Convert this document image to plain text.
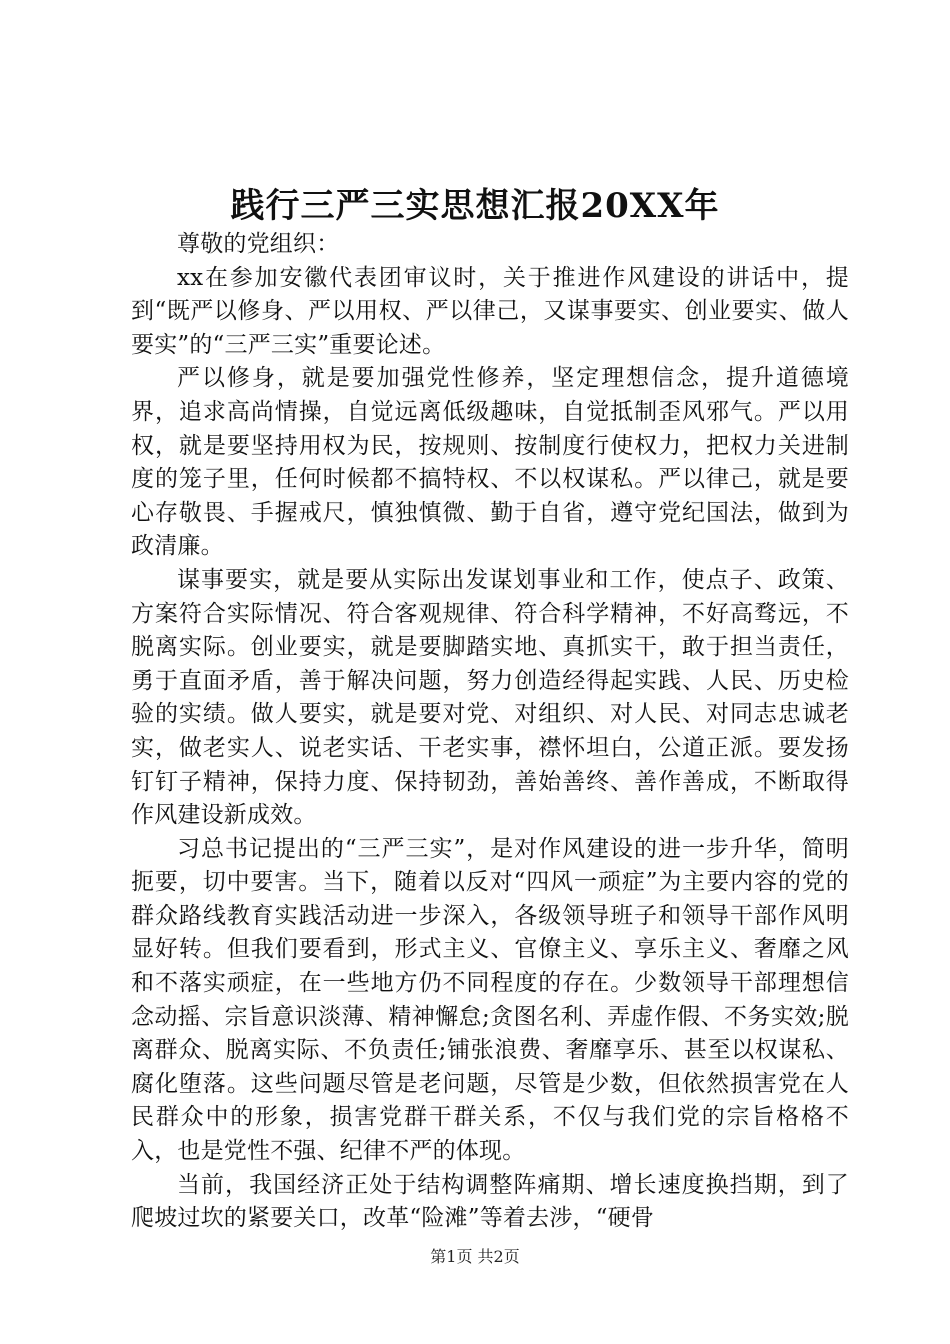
践行三严三实思想汇报20XX年

尊敬的党组织：

xx在参加安徽代表团审议时，关于推进作风建设的讲话中，提到“既严以修身、严以用权、严以律己，又谋事要实、创业要实、做人要实”的“三严三实”重要论述。

严以修身，就是要加强党性修养，坚定理想信念，提升道德境界，追求高尚情操，自觉远离低级趣味，自觉抵制歪风邪气。严以用权，就是要坚持用权为民，按规则、按制度行使权力，把权力关进制度的笼子里，任何时候都不搞特权、不以权谋私。严以律己，就是要心存敬畏、手握戒尺，慎独慎微、勤于自省，遵守党纪国法，做到为政清廉。

谋事要实，就是要从实际出发谋划事业和工作，使点子、政策、方案符合实际情况、符合客观规律、符合科学精神，不好高骛远，不脱离实际。创业要实，就是要脚踏实地、真抓实干，敢于担当责任，勇于直面矛盾，善于解决问题，努力创造经得起实践、人民、历史检验的实绩。做人要实，就是要对党、对组织、对人民、对同志忠诚老实，做老实人、说老实话、干老实事，襟怀坦白，公道正派。要发扬钉钉子精神，保持力度、保持韧劲，善始善终、善作善成，不断取得作风建设新成效。

习总书记提出的“三严三实”，是对作风建设的进一步升华，简明扼要，切中要害。当下，随着以反对“四风一顽症”为主要内容的党的群众路线教育实践活动进一步深入，各级领导班子和领导干部作风明显好转。但我们要看到，形式主义、官僚主义、享乐主义、奢靡之风和不落实顽症，在一些地方仍不同程度的存在。少数领导干部理想信念动摇、宗旨意识淡薄、精神懈怠;贪图名利、弄虚作假、不务实效;脱离群众、脱离实际、不负责任;铺张浪费、奢靡享乐、甚至以权谋私、腐化堕落。这些问题尽管是老问题，尽管是少数，但依然损害党在人民群众中的形象，损害党群干群关系，不仅与我们党的宗旨格格不入，也是党性不强、纪律不严的体现。

当前，我国经济正处于结构调整阵痛期、增长速度换挡期，到了爬坡过坎的紧要关口，改革“险滩”等着去涉，“硬骨

第1页 共2页
